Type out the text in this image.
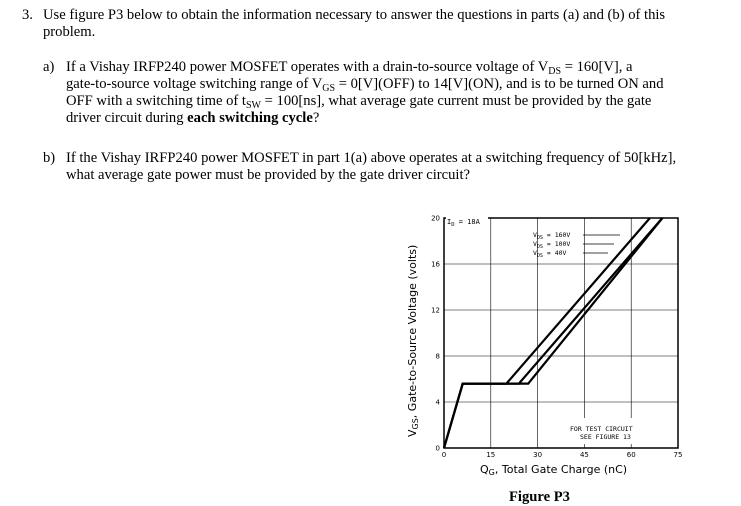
3. Use figure P3 below to obtain the information necessary to answer the questions in parts (a) and (b) of this
problem.
a) If a Vishay IRFP240 power MOSFET operates with a drain-to-source voltage of $V_{DS} = 160[V]$, a
gate-to-source voltage switching range of $V_{GS} = 0[V](OFF)$ to 14[V](ON), and is to be turned ON and
OFF with a switching time of $t_{SW} = 100[ns]$, what average gate current must be provided by the gate
driver circuit during each switching cycle?
b) If the Vishay IRFP240 power MOSFET in part 1(a) above operates at a switching frequency of 50[kHz],
what average gate power must be provided by the gate driver circuit?
0	15	30	45	60	75
0
4
8
12
16
20 $I_D = 18A$
$V_{DS} = 160V$
$V_{DS} = 100V$
$V_{DS} = 40V$
FOR TEST CIRCUIT
SEE FIGURE 13
VGS, Gate-to-Source Voltage (volts)
QG, Total Gate Charge (nC)
Figure P3
